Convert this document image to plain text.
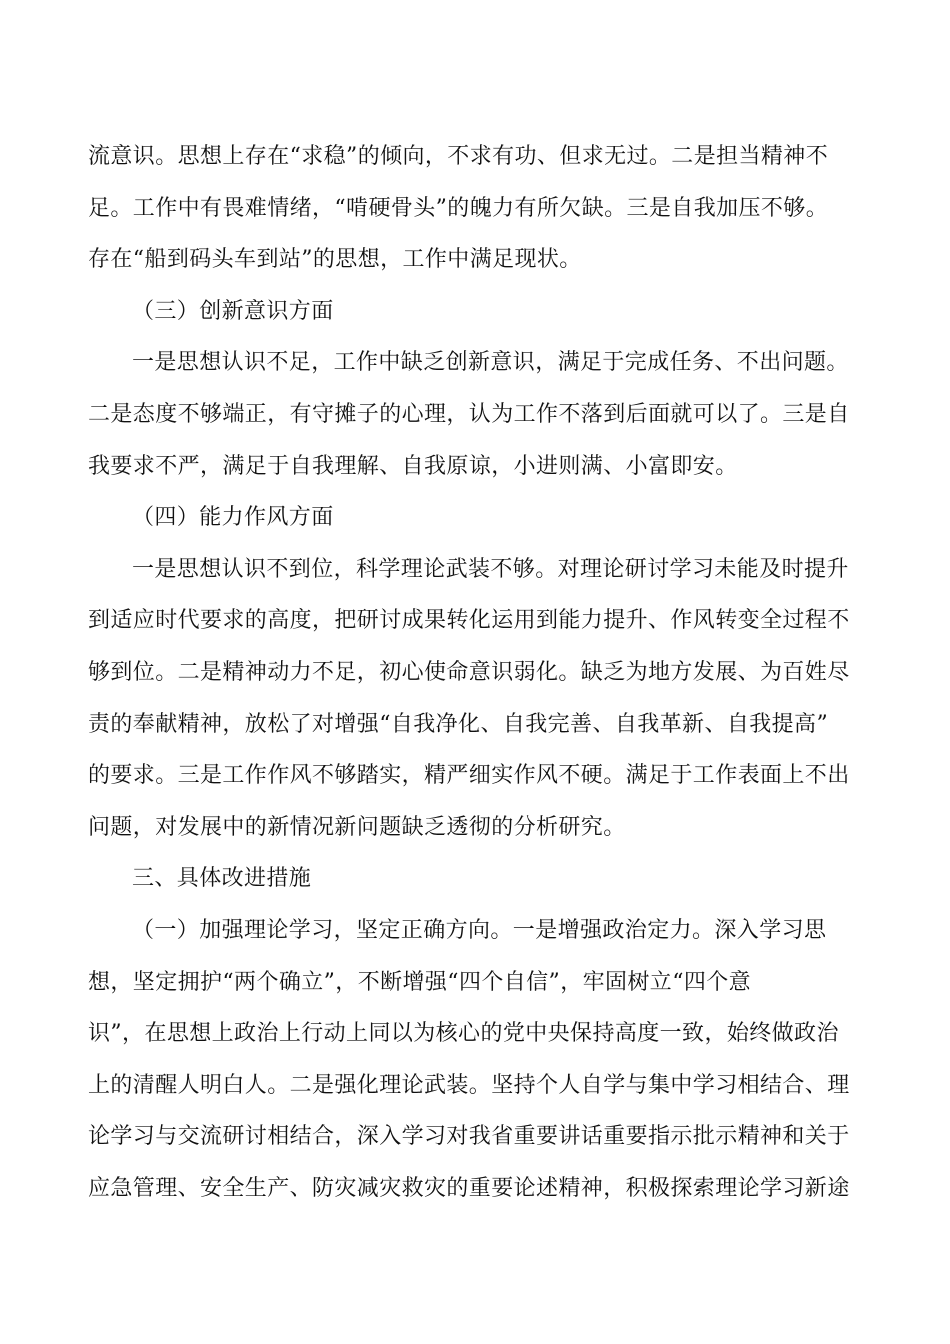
流意识。思想上存在“求稳”的倾向，不求有功、但求无过。二是担当精神不
足。工作中有畏难情绪，“啃硬骨头”的魄力有所欠缺。三是自我加压不够。
存在“船到码头车到站”的思想，工作中满足现状。
（三）创新意识方面
一是思想认识不足，工作中缺乏创新意识，满足于完成任务、不出问题。
二是态度不够端正，有守摊子的心理，认为工作不落到后面就可以了。三是自
我要求不严，满足于自我理解、自我原谅，小进则满、小富即安。
（四）能力作风方面
一是思想认识不到位，科学理论武装不够。对理论研讨学习未能及时提升
到适应时代要求的高度，把研讨成果转化运用到能力提升、作风转变全过程不
够到位。二是精神动力不足，初心使命意识弱化。缺乏为地方发展、为百姓尽
责的奉献精神，放松了对增强“自我净化、自我完善、自我革新、自我提高”
的要求。三是工作作风不够踏实，精严细实作风不硬。满足于工作表面上不出
问题，对发展中的新情况新问题缺乏透彻的分析研究。
三、具体改进措施
（一）加强理论学习，坚定正确方向。一是增强政治定力。深入学习思
想，坚定拥护“两个确立”，不断增强“四个自信”，牢固树立“四个意
识”，在思想上政治上行动上同以为核心的党中央保持高度一致，始终做政治
上的清醒人明白人。二是强化理论武装。坚持个人自学与集中学习相结合、理
论学习与交流研讨相结合，深入学习对我省重要讲话重要指示批示精神和关于
应急管理、安全生产、防灾减灾救灾的重要论述精神，积极探索理论学习新途
